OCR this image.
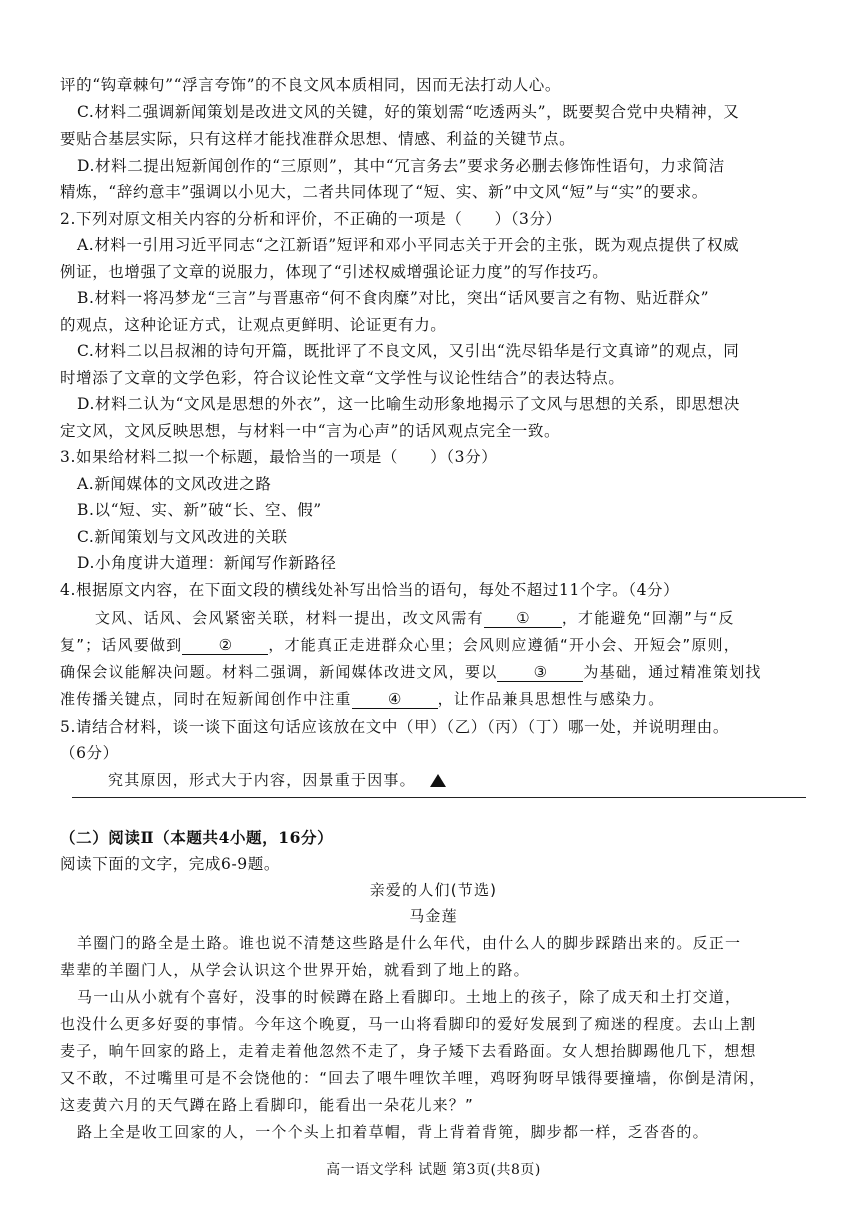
评的“钩章棘句”“浮言夸饰”的不良文风本质相同，因而无法打动人心。
C.材料二强调新闻策划是改进文风的关键，好的策划需“吃透两头”，既要契合党中央精神，又
要贴合基层实际，只有这样才能找准群众思想、情感、利益的关键节点。
D.材料二提出短新闻创作的“三原则”，其中“冗言务去”要求务必删去修饰性语句，力求简洁
精炼，“辞约意丰”强调以小见大，二者共同体现了“短、实、新”中文风“短”与“实”的要求。
2.下列对原文相关内容的分析和评价，不正确的一项是（　　）（3分）
A.材料一引用习近平同志“之江新语”短评和邓小平同志关于开会的主张，既为观点提供了权威
例证，也增强了文章的说服力，体现了“引述权威增强论证力度”的写作技巧。
B.材料一将冯梦龙“三言”与晋惠帝“何不食肉糜”对比，突出“话风要言之有物、贴近群众”
的观点，这种论证方式，让观点更鲜明、论证更有力。
C.材料二以吕叔湘的诗句开篇，既批评了不良文风，又引出“洗尽铅华是行文真谛”的观点，同
时增添了文章的文学色彩，符合议论性文章“文学性与议论性结合”的表达特点。
D.材料二认为“文风是思想的外衣”，这一比喻生动形象地揭示了文风与思想的关系，即思想决
定文风，文风反映思想，与材料一中“言为心声”的话风观点完全一致。
3.如果给材料二拟一个标题，最恰当的一项是（　　）（3分）
A.新闻媒体的文风改进之路
B.以“短、实、新”破“长、空、假”
C.新闻策划与文风改进的关联
D.小角度讲大道理：新闻写作新路径
4.根据原文内容，在下面文段的横线处补写出恰当的语句，每处不超过11个字。（4分）
文风、话风、会风紧密关联，材料一提出，改文风需有 ① ，才能避免“回潮”与“反
复”；话风要做到 ② ，才能真正走进群众心里；会风则应遵循“开小会、开短会”原则，
确保会议能解决问题。材料二强调，新闻媒体改进文风，要以 ③ 为基础，通过精准策划找
准传播关键点，同时在短新闻创作中注重 ④ ，让作品兼具思想性与感染力。
5.请结合材料，谈一谈下面这句话应该放在文中（甲）（乙）（丙）（丁）哪一处，并说明理由。
（6分）
究其原因，形式大于内容，因景重于因事。
（二）阅读Ⅱ（本题共4小题，16分）
阅读下面的文字，完成6-9题。
亲爱的人们(节选)
马金莲
羊圈门的路全是土路。谁也说不清楚这些路是什么年代，由什么人的脚步踩踏出来的。反正一
辈辈的羊圈门人，从学会认识这个世界开始，就看到了地上的路。
马一山从小就有个喜好，没事的时候蹲在路上看脚印。土地上的孩子，除了成天和土打交道，
也没什么更多好耍的事情。今年这个晚夏，马一山将看脚印的爱好发展到了痴迷的程度。去山上割
麦子，晌午回家的路上，走着走着他忽然不走了，身子矮下去看路面。女人想抬脚踢他几下，想想
又不敢，不过嘴里可是不会饶他的：“回去了喂牛哩饮羊哩，鸡呀狗呀早饿得要撞墙，你倒是清闲，
这麦黄六月的天气蹲在路上看脚印，能看出一朵花儿来？”
路上全是收工回家的人，一个个头上扣着草帽，背上背着背篼，脚步都一样，乏沓沓的。
高一语文学科 试题 第3页(共8页)
